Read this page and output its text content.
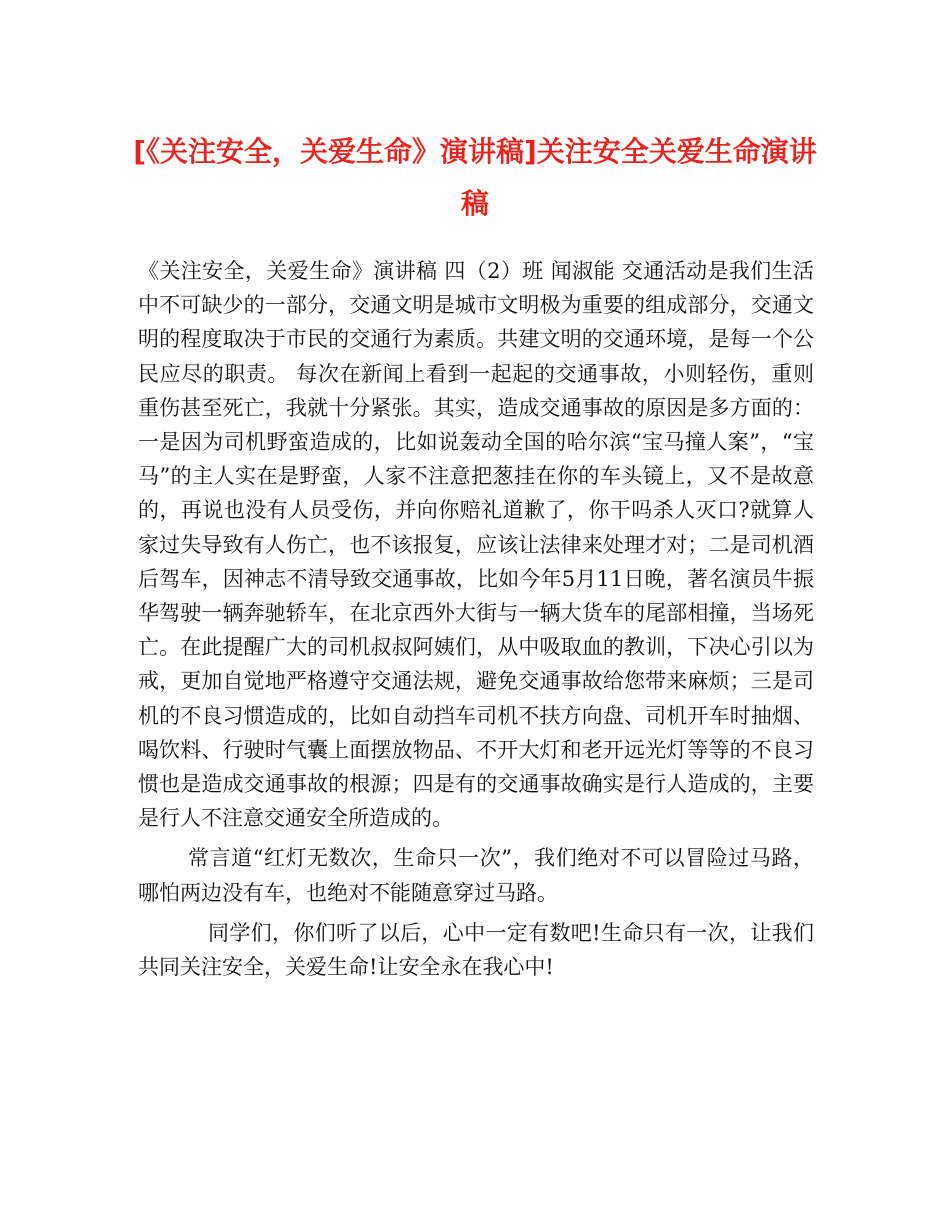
[《关注安全，关爱生命》演讲稿]关注安全关爱生命演讲稿

《关注安全，关爱生命》演讲稿 四（2）班 闻淑能 交通活动是我们生活中不可缺少的一部分，交通文明是城市文明极为重要的组成部分，交通文明的程度取决于市民的交通行为素质。共建文明的交通环境，是每一个公民应尽的职责。 每次在新闻上看到一起起的交通事故，小则轻伤，重则重伤甚至死亡，我就十分紧张。其实，造成交通事故的原因是多方面的：一是因为司机野蛮造成的，比如说轰动全国的哈尔滨“宝马撞人案”，“宝马”的主人实在是野蛮，人家不注意把葱挂在你的车头镜上，又不是故意的，再说也没有人员受伤，并向你赔礼道歉了，你干吗杀人灭口?就算人家过失导致有人伤亡，也不该报复，应该让法律来处理才对；二是司机酒后驾车，因神志不清导致交通事故，比如今年5月11日晚，著名演员牛振华驾驶一辆奔驰轿车，在北京西外大街与一辆大货车的尾部相撞，当场死亡。在此提醒广大的司机叔叔阿姨们，从中吸取血的教训，下决心引以为戒，更加自觉地严格遵守交通法规，避免交通事故给您带来麻烦；三是司机的不良习惯造成的，比如自动挡车司机不扶方向盘、司机开车时抽烟、喝饮料、行驶时气囊上面摆放物品、不开大灯和老开远光灯等等的不良习惯也是造成交通事故的根源；四是有的交通事故确实是行人造成的，主要是行人不注意交通安全所造成的。

常言道“红灯无数次，生命只一次”，我们绝对不可以冒险过马路，哪怕两边没有车，也绝对不能随意穿过马路。

同学们，你们听了以后，心中一定有数吧!生命只有一次，让我们共同关注安全，关爱生命!让安全永在我心中!
